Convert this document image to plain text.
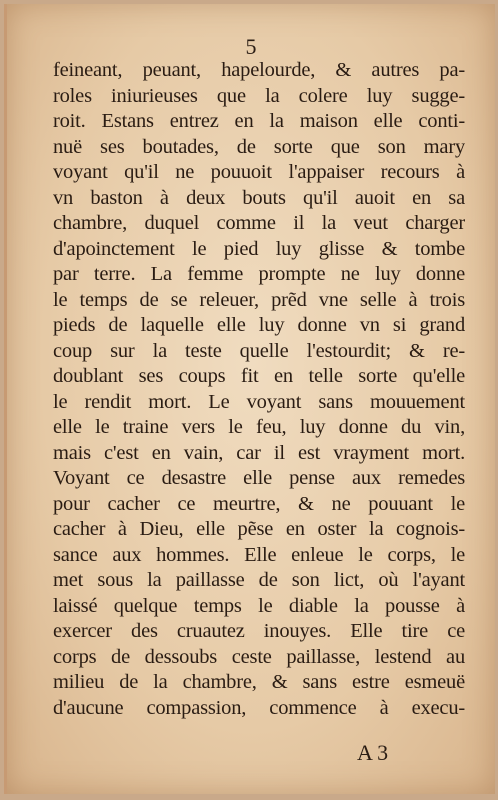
5
feineant, peuant, hapelourde, & autres pa-
roles iniurieuses que la colere luy sugge-
roit. Estans entrez en la maison elle conti-
nuë ses boutades, de sorte que son mary
voyant qu'il ne pouuoit l'appaiser recours à
vn baston à deux bouts qu'il auoit en sa
chambre, duquel comme il la veut charger
d'apoinctement le pied luy glisse & tombe
par terre. La femme prompte ne luy donne
le temps de se releuer, prẽd vne selle à trois
pieds de laquelle elle luy donne vn si grand
coup sur la teste quelle l'estourdit; & re-
doublant ses coups fit en telle sorte qu'elle
le rendit mort. Le voyant sans mouuement
elle le traine vers le feu, luy donne du vin,
mais c'est en vain, car il est vrayment mort.
Voyant ce desastre elle pense aux remedes
pour cacher ce meurtre, & ne pouuant le
cacher à Dieu, elle pẽse en oster la cognois-
sance aux hommes. Elle enleue le corps, le
met sous la paillasse de son lict, où l'ayant
laissé quelque temps le diable la pousse à
exercer des cruautez inouyes. Elle tire ce
corps de dessoubs ceste paillasse, lestend au
milieu de la chambre, & sans estre esmeuë
d'aucune compassion, commence à execu-
A 3
